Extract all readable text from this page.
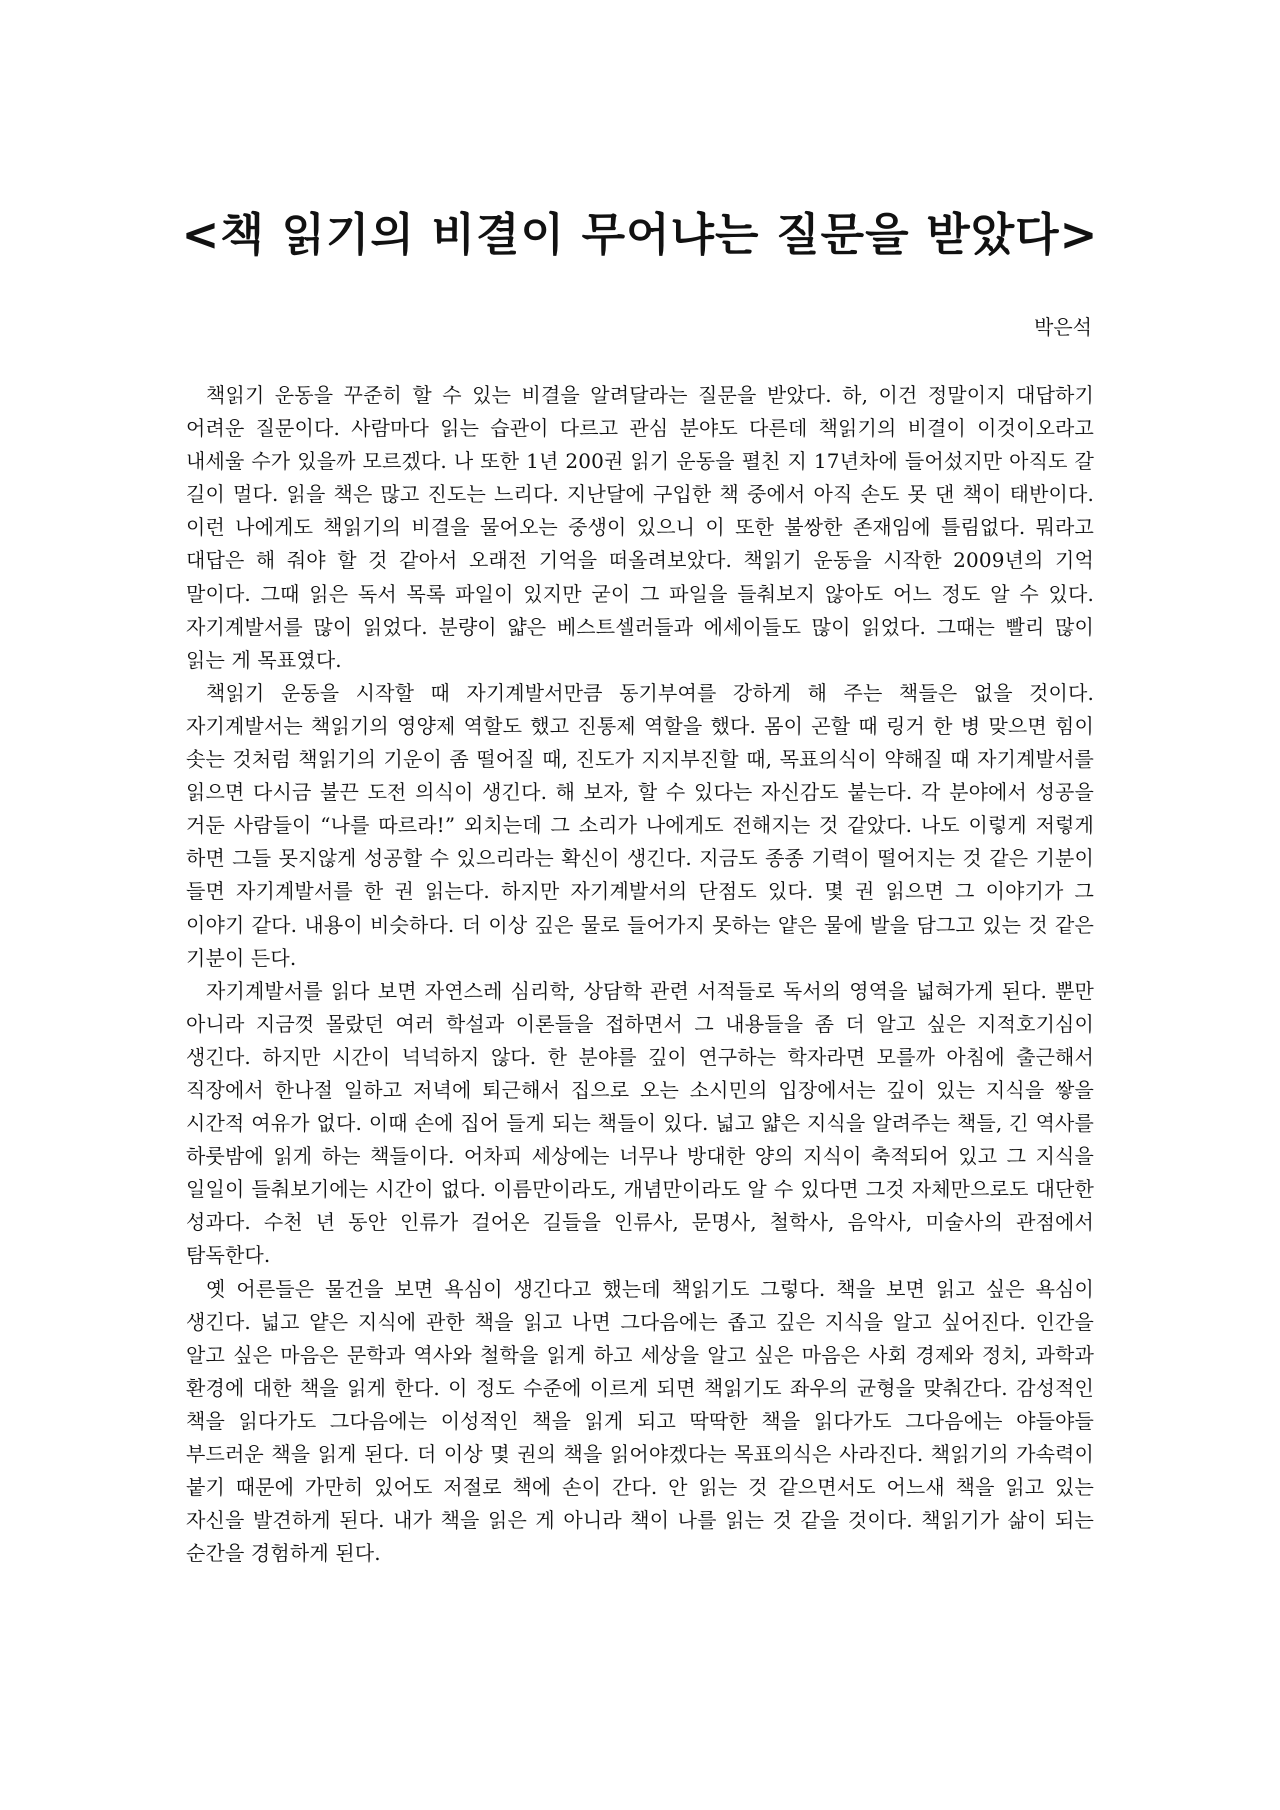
<책 읽기의 비결이 무어냐는 질문을 받았다>
박은석

책읽기 운동을 꾸준히 할 수 있는 비결을 알려달라는 질문을 받았다. 하, 이건 정말이지 대답하기 어려운 질문이다. 사람마다 읽는 습관이 다르고 관심 분야도 다른데 책읽기의 비결이 이것이오라고 내세울 수가 있을까 모르겠다. 나 또한 1년 200권 읽기 운동을 펼친 지 17년차에 들어섰지만 아직도 갈 길이 멀다. 읽을 책은 많고 진도는 느리다. 지난달에 구입한 책 중에서 아직 손도 못 댄 책이 태반이다. 이런 나에게도 책읽기의 비결을 물어오는 중생이 있으니 이 또한 불쌍한 존재임에 틀림없다. 뭐라고 대답은 해 줘야 할 것 같아서 오래전 기억을 떠올려보았다. 책읽기 운동을 시작한 2009년의 기억 말이다. 그때 읽은 독서 목록 파일이 있지만 굳이 그 파일을 들춰보지 않아도 어느 정도 알 수 있다. 자기계발서를 많이 읽었다. 분량이 얇은 베스트셀러들과 에세이들도 많이 읽었다. 그때는 빨리 많이 읽는 게 목표였다.

책읽기 운동을 시작할 때 자기계발서만큼 동기부여를 강하게 해 주는 책들은 없을 것이다. 자기계발서는 책읽기의 영양제 역할도 했고 진통제 역할을 했다. 몸이 곤할 때 링거 한 병 맞으면 힘이 솟는 것처럼 책읽기의 기운이 좀 떨어질 때, 진도가 지지부진할 때, 목표의식이 약해질 때 자기계발서를 읽으면 다시금 불끈 도전 의식이 생긴다. 해 보자, 할 수 있다는 자신감도 붙는다. 각 분야에서 성공을 거둔 사람들이 “나를 따르라!” 외치는데 그 소리가 나에게도 전해지는 것 같았다. 나도 이렇게 저렇게 하면 그들 못지않게 성공할 수 있으리라는 확신이 생긴다. 지금도 종종 기력이 떨어지는 것 같은 기분이 들면 자기계발서를 한 권 읽는다. 하지만 자기계발서의 단점도 있다. 몇 권 읽으면 그 이야기가 그 이야기 같다. 내용이 비슷하다. 더 이상 깊은 물로 들어가지 못하는 얕은 물에 발을 담그고 있는 것 같은 기분이 든다.

자기계발서를 읽다 보면 자연스레 심리학, 상담학 관련 서적들로 독서의 영역을 넓혀가게 된다. 뿐만 아니라 지금껏 몰랐던 여러 학설과 이론들을 접하면서 그 내용들을 좀 더 알고 싶은 지적호기심이 생긴다. 하지만 시간이 넉넉하지 않다. 한 분야를 깊이 연구하는 학자라면 모를까 아침에 출근해서 직장에서 한나절 일하고 저녁에 퇴근해서 집으로 오는 소시민의 입장에서는 깊이 있는 지식을 쌓을 시간적 여유가 없다. 이때 손에 집어 들게 되는 책들이 있다. 넓고 얇은 지식을 알려주는 책들, 긴 역사를 하룻밤에 읽게 하는 책들이다. 어차피 세상에는 너무나 방대한 양의 지식이 축적되어 있고 그 지식을 일일이 들춰보기에는 시간이 없다. 이름만이라도, 개념만이라도 알 수 있다면 그것 자체만으로도 대단한 성과다. 수천 년 동안 인류가 걸어온 길들을 인류사, 문명사, 철학사, 음악사, 미술사의 관점에서 탐독한다.

옛 어른들은 물건을 보면 욕심이 생긴다고 했는데 책읽기도 그렇다. 책을 보면 읽고 싶은 욕심이 생긴다. 넓고 얕은 지식에 관한 책을 읽고 나면 그다음에는 좁고 깊은 지식을 알고 싶어진다. 인간을 알고 싶은 마음은 문학과 역사와 철학을 읽게 하고 세상을 알고 싶은 마음은 사회 경제와 정치, 과학과 환경에 대한 책을 읽게 한다. 이 정도 수준에 이르게 되면 책읽기도 좌우의 균형을 맞춰간다. 감성적인 책을 읽다가도 그다음에는 이성적인 책을 읽게 되고 딱딱한 책을 읽다가도 그다음에는 야들야들 부드러운 책을 읽게 된다. 더 이상 몇 권의 책을 읽어야겠다는 목표의식은 사라진다. 책읽기의 가속력이 붙기 때문에 가만히 있어도 저절로 책에 손이 간다. 안 읽는 것 같으면서도 어느새 책을 읽고 있는 자신을 발견하게 된다. 내가 책을 읽은 게 아니라 책이 나를 읽는 것 같을 것이다. 책읽기가 삶이 되는 순간을 경험하게 된다.
